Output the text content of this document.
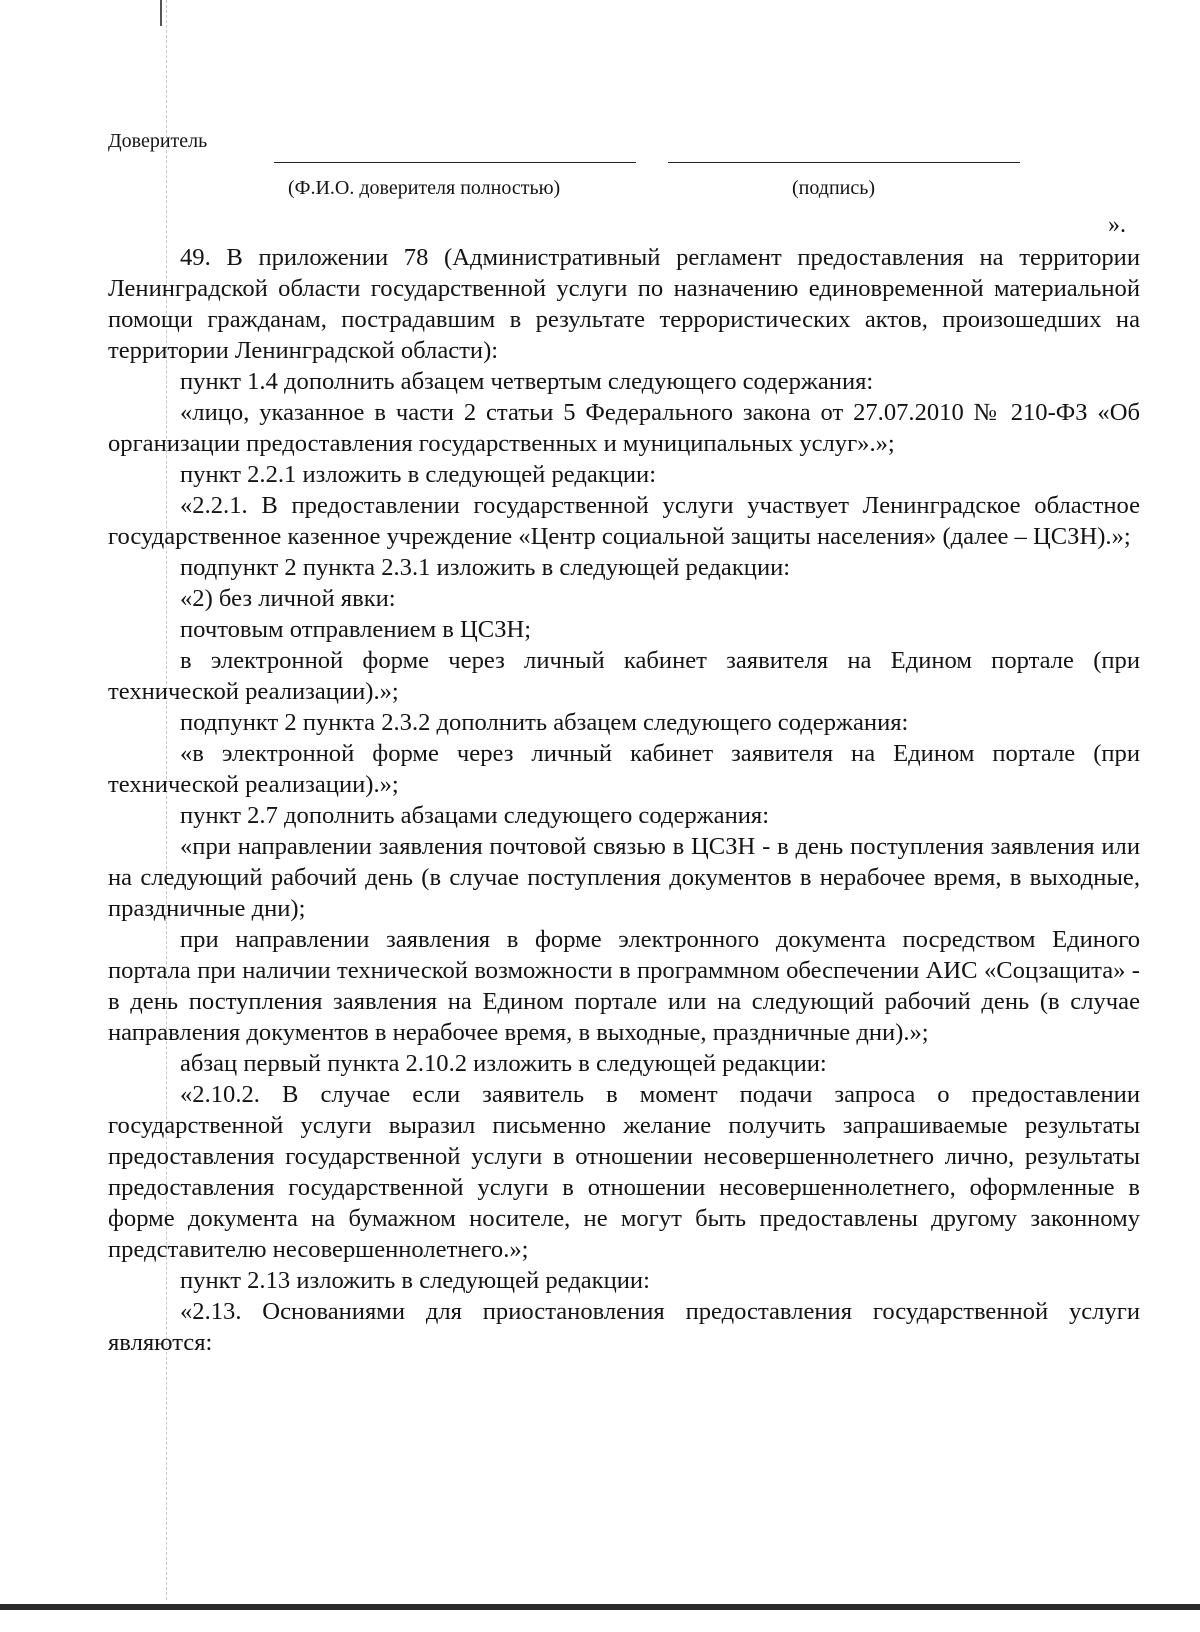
Доверитель
(Ф.И.О. доверителя полностью)	(подпись)
».

49. В приложении 78 (Административный регламент предоставления на территории Ленинградской области государственной услуги по назначению единовременной материальной помощи гражданам, пострадавшим в результате террористических актов, произошедших на территории Ленинградской области):

пункт 1.4 дополнить абзацем четвертым следующего содержания:

«лицо, указанное в части 2 статьи 5 Федерального закона от 27.07.2010 № 210-ФЗ «Об организации предоставления государственных и муниципальных услуг».»;

пункт 2.2.1 изложить в следующей редакции:

«2.2.1. В предоставлении государственной услуги участвует Ленинградское областное государственное казенное учреждение «Центр социальной защиты населения» (далее – ЦСЗН).»;

подпункт 2 пункта 2.3.1 изложить в следующей редакции:

«2) без личной явки:

почтовым отправлением в ЦСЗН;

в электронной форме через личный кабинет заявителя на Едином портале (при технической реализации).»;

подпункт 2 пункта 2.3.2 дополнить абзацем следующего содержания:

«в электронной форме через личный кабинет заявителя на Едином портале (при технической реализации).»;

пункт 2.7 дополнить абзацами следующего содержания:

«при направлении заявления почтовой связью в ЦСЗН - в день поступления заявления или на следующий рабочий день (в случае поступления документов в нерабочее время, в выходные, праздничные дни);

при направлении заявления в форме электронного документа посредством Единого портала при наличии технической возможности в программном обеспечении АИС «Соцзащита» - в день поступления заявления на Едином портале или на следующий рабочий день (в случае направления документов в нерабочее время, в выходные, праздничные дни).»;

абзац первый пункта 2.10.2 изложить в следующей редакции:

«2.10.2. В случае если заявитель в момент подачи запроса о предоставлении государственной услуги выразил письменно желание получить запрашиваемые результаты предоставления государственной услуги в отношении несовершеннолетнего лично, результаты предоставления государственной услуги в отношении несовершеннолетнего, оформленные в форме документа на бумажном носителе, не могут быть предоставлены другому законному представителю несовершеннолетнего.»;

пункт 2.13 изложить в следующей редакции:

«2.13. Основаниями для приостановления предоставления государственной услуги являются:
